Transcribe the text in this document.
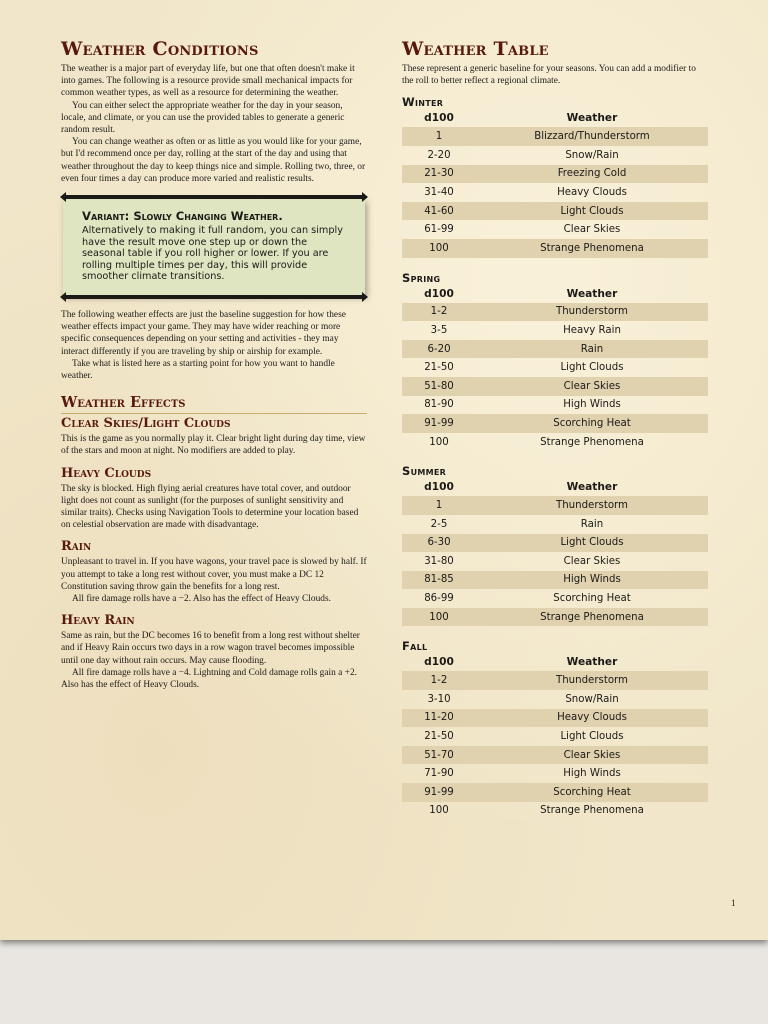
Weather Conditions

The weather is a major part of everyday life, but one that often doesn't make it into games. The following is a resource provide small mechanical impacts for common weather types, as well as a resource for determining the weather.

You can either select the appropriate weather for the day in your season, locale, and climate, or you can use the provided tables to generate a generic random result.

You can change weather as often or as little as you would like for your game, but I'd recommend once per day, rolling at the start of the day and using that weather throughout the day to keep things nice and simple. Rolling two, three, or even four times a day can produce more varied and realistic results.

Variant: Slowly Changing Weather.

Alternatively to making it full random, you can simply have the result move one step up or down the seasonal table if you roll higher or lower. If you are rolling multiple times per day, this will provide smoother climate transitions.

The following weather effects are just the baseline suggestion for how these weather effects impact your game. They may have wider reaching or more specific consequences depending on your setting and activities - they may interact differently if you are traveling by ship or airship for example.

Take what is listed here as a starting point for how you want to handle weather.

Weather Effects
Clear Skies/Light Clouds

This is the game as you normally play it. Clear bright light during day time, view of the stars and moon at night. No modifiers are added to play.

Heavy Clouds

The sky is blocked. High flying aerial creatures have total cover, and outdoor light does not count as sunlight (for the purposes of sunlight sensitivity and similar traits). Checks using Navigation Tools to determine your location based on celestial observation are made with disadvantage.

Rain

Unpleasant to travel in. If you have wagons, your travel pace is slowed by half. If you attempt to take a long rest without cover, you must make a DC 12 Constitution saving throw gain the benefits for a long rest.

All fire damage rolls have a −2. Also has the effect of Heavy Clouds.

Heavy Rain

Same as rain, but the DC becomes 16 to benefit from a long rest without shelter and if Heavy Rain occurs two days in a row wagon travel becomes impossible until one day without rain occurs. May cause flooding.

All fire damage rolls have a −4. Lightning and Cold damage rolls gain a +2. Also has the effect of Heavy Clouds.

Weather Table

These represent a generic baseline for your seasons. You can add a modifier to the roll to better reflect a regional climate.

Winter
d100	Weather
1	Blizzard/Thunderstorm
2-20	Snow/Rain
21-30	Freezing Cold
31-40	Heavy Clouds
41-60	Light Clouds
61-99	Clear Skies
100	Strange Phenomena
Spring
d100	Weather
1-2	Thunderstorm
3-5	Heavy Rain
6-20	Rain
21-50	Light Clouds
51-80	Clear Skies
81-90	High Winds
91-99	Scorching Heat
100	Strange Phenomena
Summer
d100	Weather
1	Thunderstorm
2-5	Rain
6-30	Light Clouds
31-80	Clear Skies
81-85	High Winds
86-99	Scorching Heat
100	Strange Phenomena
Fall
d100	Weather
1-2	Thunderstorm
3-10	Snow/Rain
11-20	Heavy Clouds
21-50	Light Clouds
51-70	Clear Skies
71-90	High Winds
91-99	Scorching Heat
100	Strange Phenomena
1
